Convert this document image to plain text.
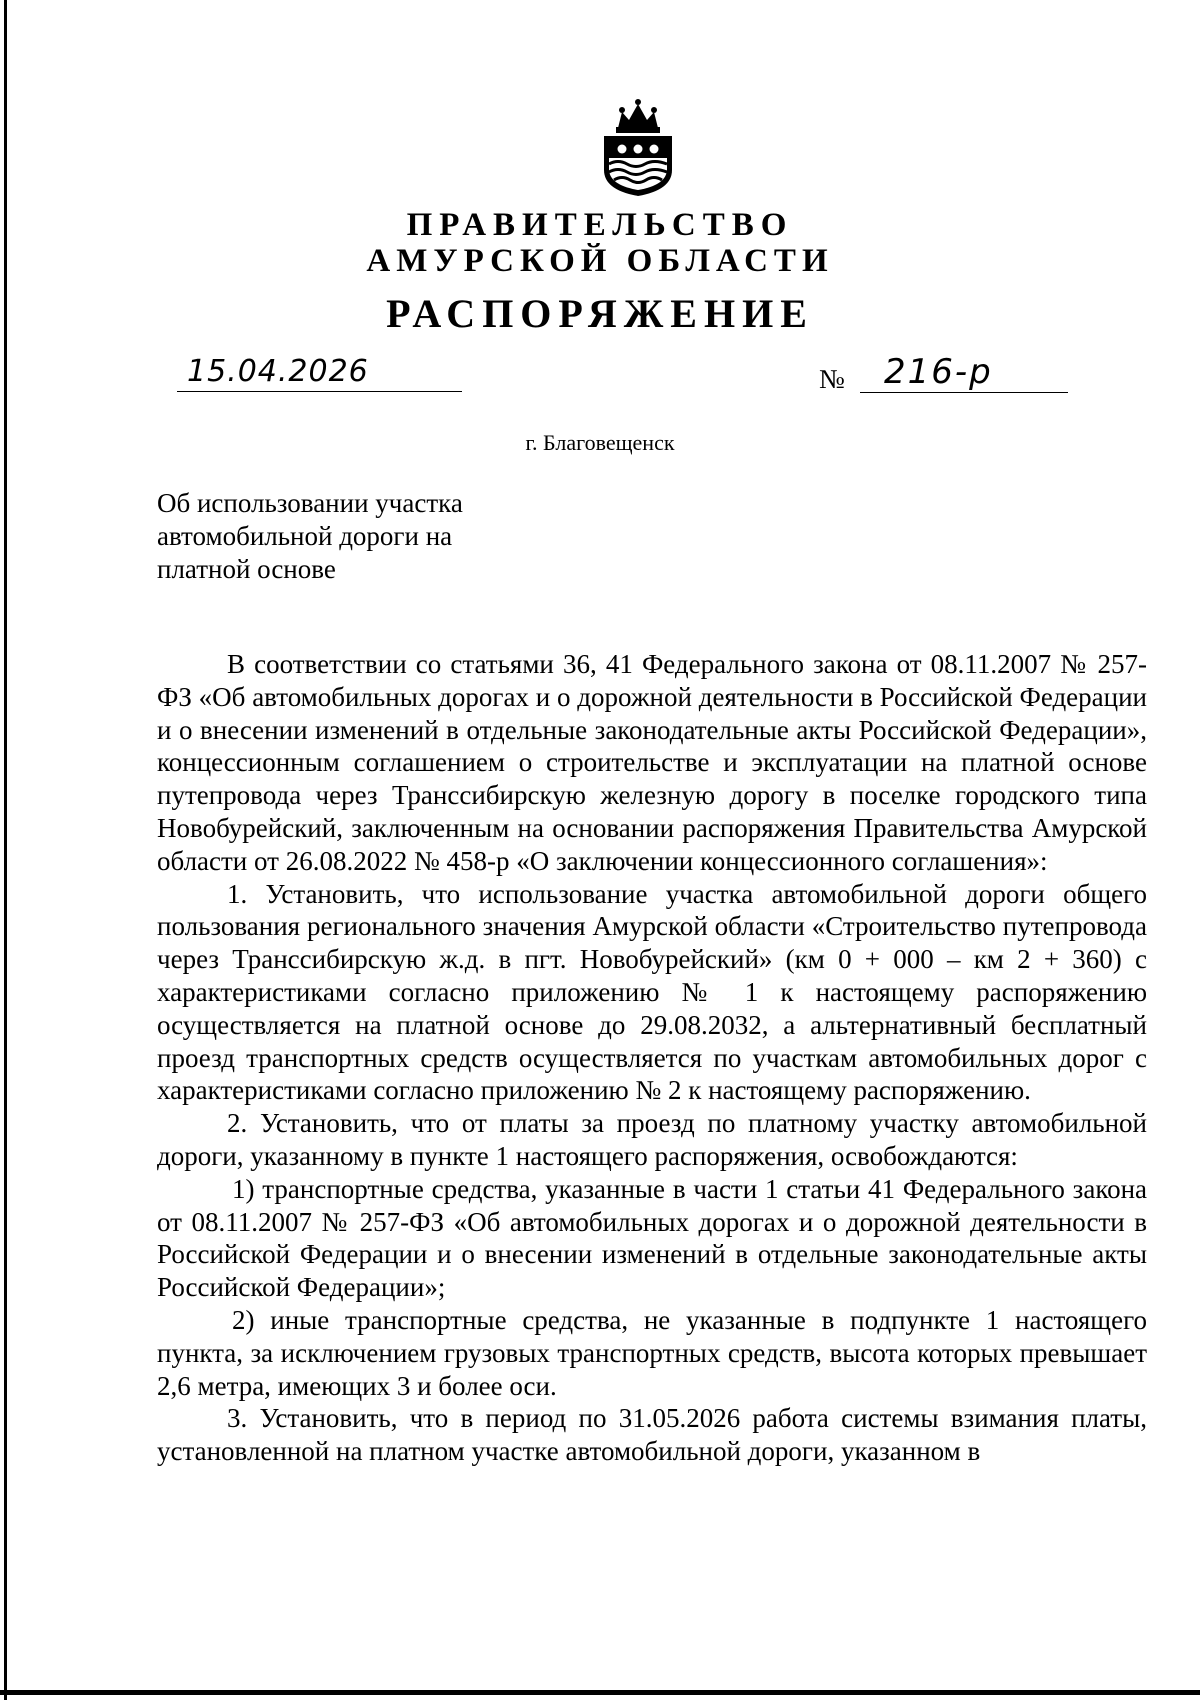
ПРАВИТЕЛЬСТВО
АМУРСКОЙ ОБЛАСТИ
РАСПОРЯЖЕНИЕ
15.04.2026	№ 216-р
г. Благовещенск
Об использовании участка
автомобильной дороги на
платной основе

В соответствии со статьями 36, 41 Федерального закона от 08.11.2007 № 257-ФЗ «Об автомобильных дорогах и о дорожной деятельности в Российской Федерации и о внесении изменений в отдельные законодательные акты Российской Федерации», концессионным соглашением о строительстве и эксплуатации на платной основе путепровода через Транссибирскую железную дорогу в поселке городского типа Новобурейский, заключенным на основании распоряжения Правительства Амурской области от 26.08.2022 № 458-р «О заключении концессионного соглашения»:

1. Установить, что использование участка автомобильной дороги общего пользования регионального значения Амурской области «Строительство путепровода через Транссибирскую ж.д. в пгт. Новобурейский» (км 0 + 000 – км 2 + 360) с характеристиками согласно приложению № 1 к настоящему распоряжению осуществляется на платной основе до 29.08.2032, а альтернативный бесплатный проезд транспортных средств осуществляется по участкам автомобильных дорог с характеристиками согласно приложению № 2 к настоящему распоряжению.

2. Установить, что от платы за проезд по платному участку автомобильной дороги, указанному в пункте 1 настоящего распоряжения, освобождаются:

1) транспортные средства, указанные в части 1 статьи 41 Федерального закона от 08.11.2007 № 257-ФЗ «Об автомобильных дорогах и о дорожной деятельности в Российской Федерации и о внесении изменений в отдельные законодательные акты Российской Федерации»;

2) иные транспортные средства, не указанные в подпункте 1 настоящего пункта, за исключением грузовых транспортных средств, высота которых превышает 2,6 метра, имеющих 3 и более оси.

3. Установить, что в период по 31.05.2026 работа системы взимания платы, установленной на платном участке автомобильной дороги, указанном в
